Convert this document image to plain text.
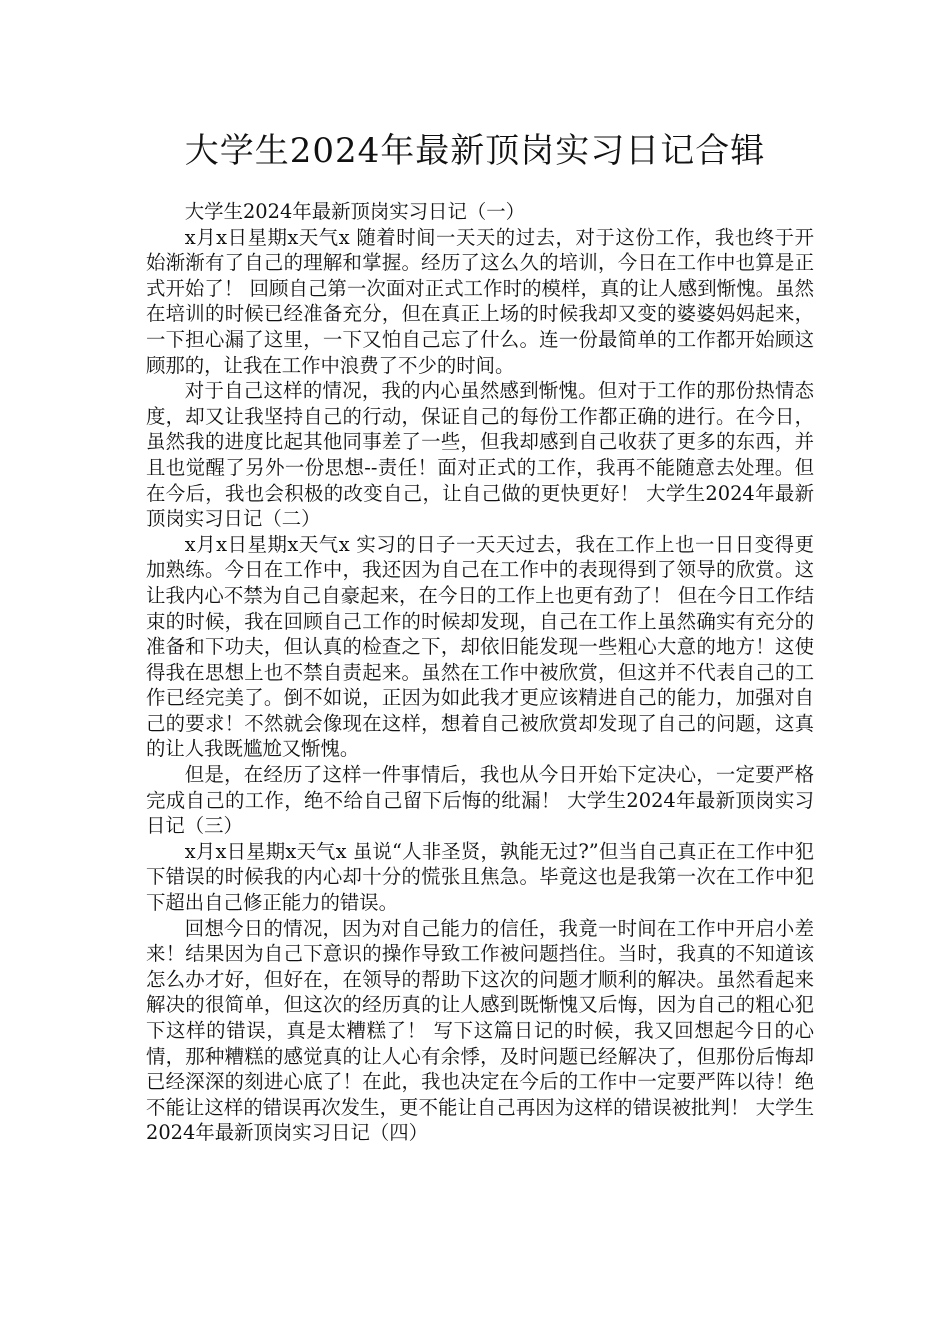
大学生2024年最新顶岗实习日记合辑

大学生2024年最新顶岗实习日记（一）

x月x日星期x天气x 随着时间一天天的过去，对于这份工作，我也终于开始渐渐有了自己的理解和掌握。经历了这么久的培训，今日在工作中也算是正式开始了！ 回顾自己第一次面对正式工作时的模样，真的让人感到惭愧。虽然在培训的时候已经准备充分，但在真正上场的时候我却又变的婆婆妈妈起来，一下担心漏了这里，一下又怕自己忘了什么。连一份最简单的工作都开始顾这顾那的，让我在工作中浪费了不少的时间。

对于自己这样的情况，我的内心虽然感到惭愧。但对于工作的那份热情态度，却又让我坚持自己的行动，保证自己的每份工作都正确的进行。在今日，虽然我的进度比起其他同事差了一些，但我却感到自己收获了更多的东西，并且也觉醒了另外一份思想--责任！面对正式的工作，我再不能随意去处理。但在今后，我也会积极的改变自己，让自己做的更快更好！ 大学生2024年最新顶岗实习日记（二）

x月x日星期x天气x 实习的日子一天天过去，我在工作上也一日日变得更加熟练。今日在工作中，我还因为自己在工作中的表现得到了领导的欣赏。这让我内心不禁为自己自豪起来，在今日的工作上也更有劲了！ 但在今日工作结束的时候，我在回顾自己工作的时候却发现，自己在工作上虽然确实有充分的准备和下功夫，但认真的检查之下，却依旧能发现一些粗心大意的地方！这使得我在思想上也不禁自责起来。虽然在工作中被欣赏，但这并不代表自己的工作已经完美了。倒不如说，正因为如此我才更应该精进自己的能力，加强对自己的要求！不然就会像现在这样，想着自己被欣赏却发现了自己的问题，这真的让人我既尴尬又惭愧。

但是，在经历了这样一件事情后，我也从今日开始下定决心，一定要严格完成自己的工作，绝不给自己留下后悔的纰漏！ 大学生2024年最新顶岗实习日记（三）

x月x日星期x天气x 虽说“人非圣贤，孰能无过?”但当自己真正在工作中犯下错误的时候我的内心却十分的慌张且焦急。毕竟这也是我第一次在工作中犯下超出自己修正能力的错误。

回想今日的情况，因为对自己能力的信任，我竟一时间在工作中开启小差来！结果因为自己下意识的操作导致工作被问题挡住。当时，我真的不知道该怎么办才好，但好在，在领导的帮助下这次的问题才顺利的解决。虽然看起来解决的很简单，但这次的经历真的让人感到既惭愧又后悔，因为自己的粗心犯下这样的错误，真是太糟糕了！ 写下这篇日记的时候，我又回想起今日的心情，那种糟糕的感觉真的让人心有余悸，及时问题已经解决了，但那份后悔却已经深深的刻进心底了！在此，我也决定在今后的工作中一定要严阵以待！绝不能让这样的错误再次发生，更不能让自己再因为这样的错误被批判！ 大学生2024年最新顶岗实习日记（四）
